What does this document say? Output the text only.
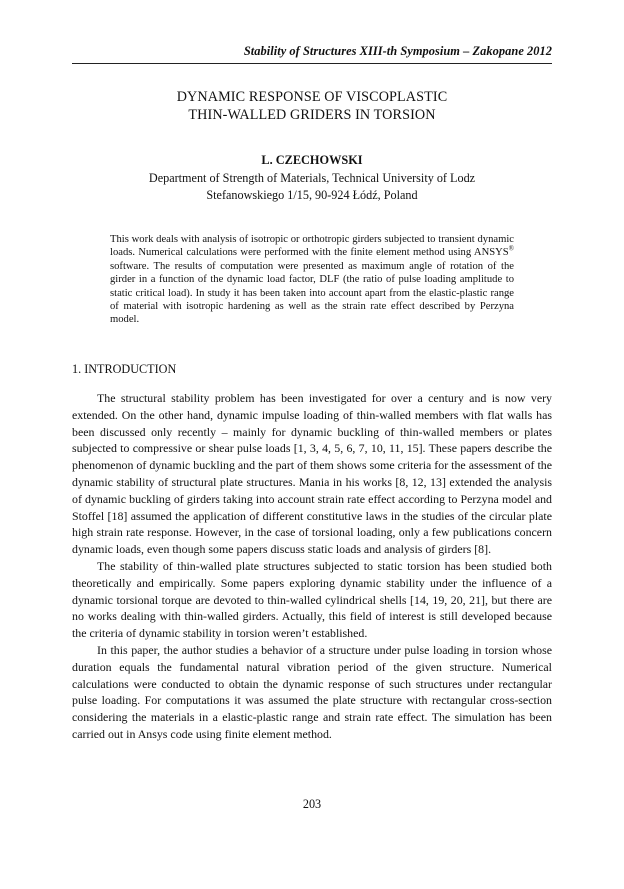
Stability of Structures XIII-th Symposium – Zakopane 2012
DYNAMIC RESPONSE OF VISCOPLASTIC
THIN-WALLED GRIDERS IN TORSION
L. CZECHOWSKI
Department of Strength of Materials, Technical University of Lodz
Stefanowskiego 1/15, 90-924 Łódź, Poland
This work deals with analysis of isotropic or orthotropic girders subjected to transient dynamic loads. Numerical calculations were performed with the finite element method using ANSYS® software. The results of computation were presented as maximum angle of rotation of the girder in a function of the dynamic load factor, DLF (the ratio of pulse loading amplitude to static critical load). In study it has been taken into account apart from the elastic-plastic range of material with isotropic hardening as well as the strain rate effect described by Perzyna model.
1. INTRODUCTION

The structural stability problem has been investigated for over a century and is now very extended. On the other hand, dynamic impulse loading of thin-walled members with flat walls has been discussed only recently – mainly for dynamic buckling of thin-walled members or plates subjected to compressive or shear pulse loads [1, 3, 4, 5, 6, 7, 10, 11, 15]. These papers describe the phenomenon of dynamic buckling and the part of them shows some criteria for the assessment of the dynamic stability of structural plate structures. Mania in his works [8, 12, 13] extended the analysis of dynamic buckling of girders taking into account strain rate effect according to Perzyna model and Stoffel [18] assumed the application of different constitutive laws in the studies of the circular plate high strain rate response. However, in the case of torsional loading, only a few publications concern dynamic loads, even though some papers discuss static loads and analysis of girders [8].

The stability of thin-walled plate structures subjected to static torsion has been studied both theoretically and empirically. Some papers exploring dynamic stability under the influence of a dynamic torsional torque are devoted to thin-walled cylindrical shells [14, 19, 20, 21], but there are no works dealing with thin-walled girders. Actually, this field of interest is still developed because the criteria of dynamic stability in torsion weren’t established.

In this paper, the author studies a behavior of a structure under pulse loading in torsion whose duration equals the fundamental natural vibration period of the given structure. Numerical calculations were conducted to obtain the dynamic response of such structures under rectangular pulse loading. For computations it was assumed the plate structure with rectangular cross-section considering the materials in a elastic-plastic range and strain rate effect. The simulation has been carried out in Ansys code using finite element method.

203
